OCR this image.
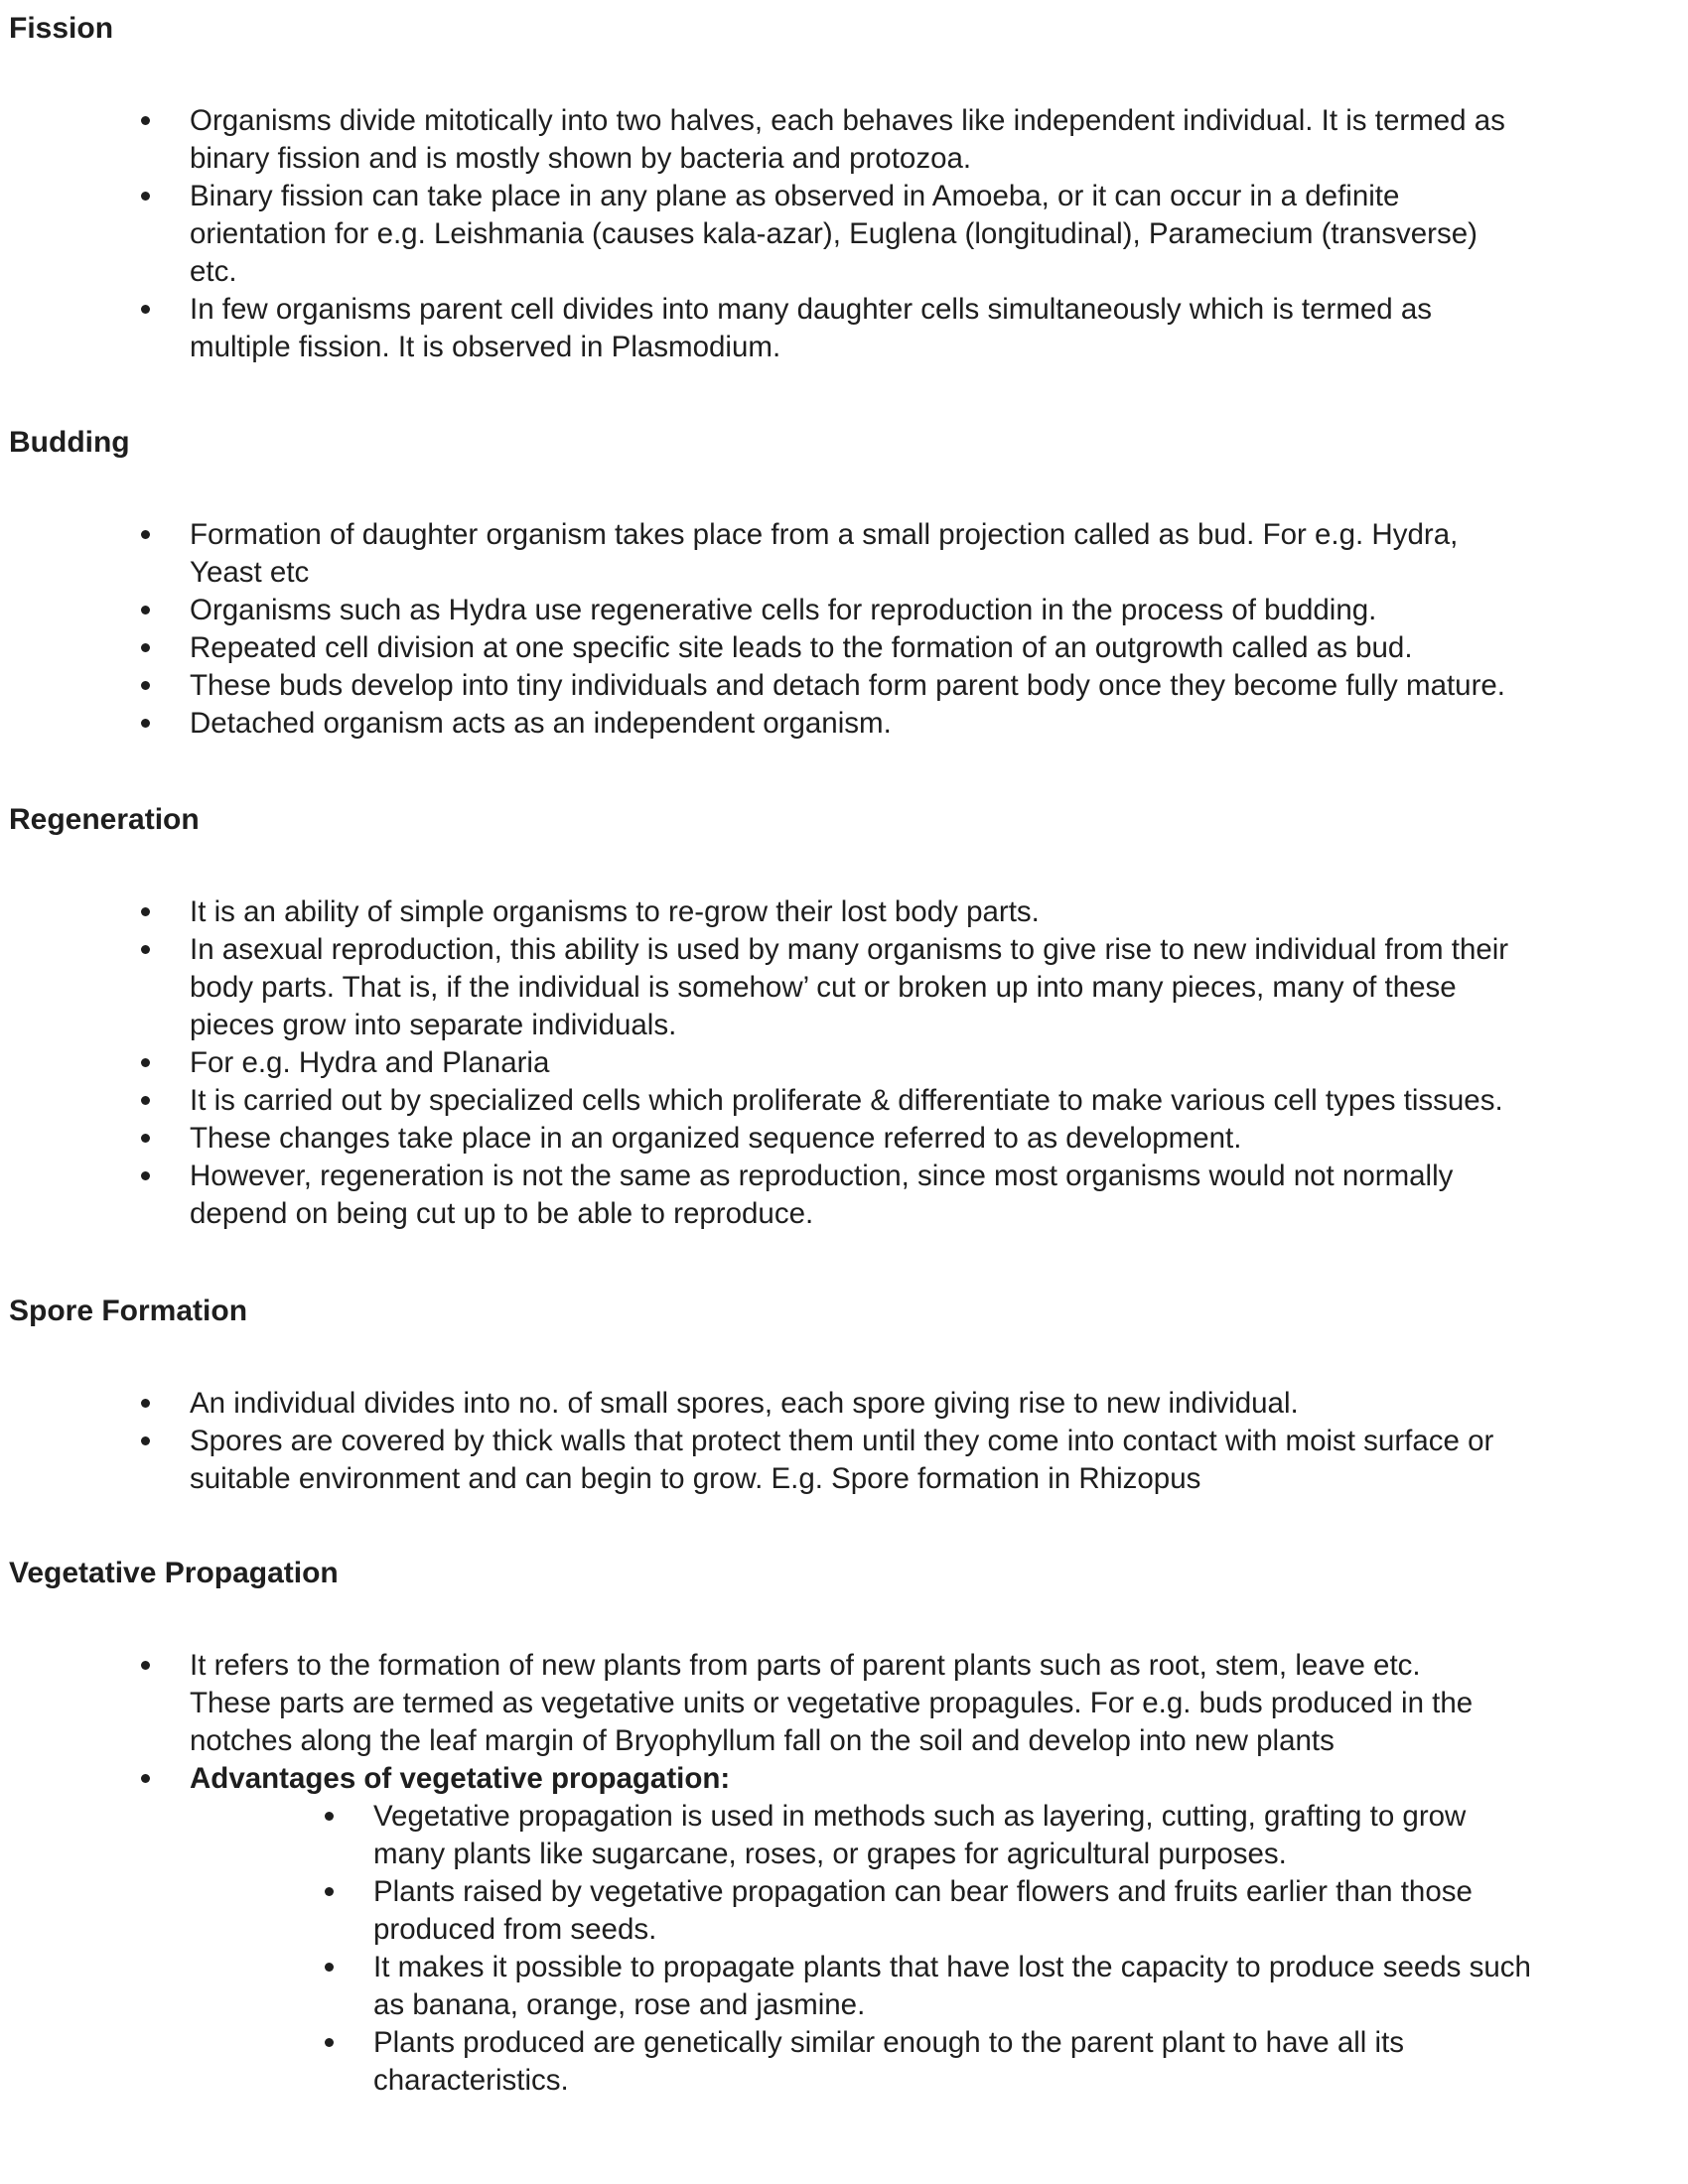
Fission
Organisms divide mitotically into two halves, each behaves like independent individual. It is termed as
binary fission and is mostly shown by bacteria and protozoa.
Binary fission can take place in any plane as observed in Amoeba, or it can occur in a definite
orientation for e.g. Leishmania (causes kala-azar), Euglena (longitudinal), Paramecium (transverse)
etc.
In few organisms parent cell divides into many daughter cells simultaneously which is termed as
multiple fission. It is observed in Plasmodium.
Budding
Formation of daughter organism takes place from a small projection called as bud. For e.g. Hydra,
Yeast etc
Organisms such as Hydra use regenerative cells for reproduction in the process of budding.
Repeated cell division at one specific site leads to the formation of an outgrowth called as bud.
These buds develop into tiny individuals and detach form parent body once they become fully mature.
Detached organism acts as an independent organism.
Regeneration
It is an ability of simple organisms to re-grow their lost body parts.
In asexual reproduction, this ability is used by many organisms to give rise to new individual from their
body parts. That is, if the individual is somehow’ cut or broken up into many pieces, many of these
pieces grow into separate individuals.
For e.g. Hydra and Planaria
It is carried out by specialized cells which proliferate & differentiate to make various cell types tissues.
These changes take place in an organized sequence referred to as development.
However, regeneration is not the same as reproduction, since most organisms would not normally
depend on being cut up to be able to reproduce.
Spore Formation
An individual divides into no. of small spores, each spore giving rise to new individual.
Spores are covered by thick walls that protect them until they come into contact with moist surface or
suitable environment and can begin to grow. E.g. Spore formation in Rhizopus
Vegetative Propagation
It refers to the formation of new plants from parts of parent plants such as root, stem, leave etc.
These parts are termed as vegetative units or vegetative propagules. For e.g. buds produced in the
notches along the leaf margin of Bryophyllum fall on the soil and develop into new plants
Advantages of vegetative propagation:
Vegetative propagation is used in methods such as layering, cutting, grafting to grow
many plants like sugarcane, roses, or grapes for agricultural purposes.
Plants raised by vegetative propagation can bear flowers and fruits earlier than those
produced from seeds.
It makes it possible to propagate plants that have lost the capacity to produce seeds such
as banana, orange, rose and jasmine.
Plants produced are genetically similar enough to the parent plant to have all its
characteristics.
